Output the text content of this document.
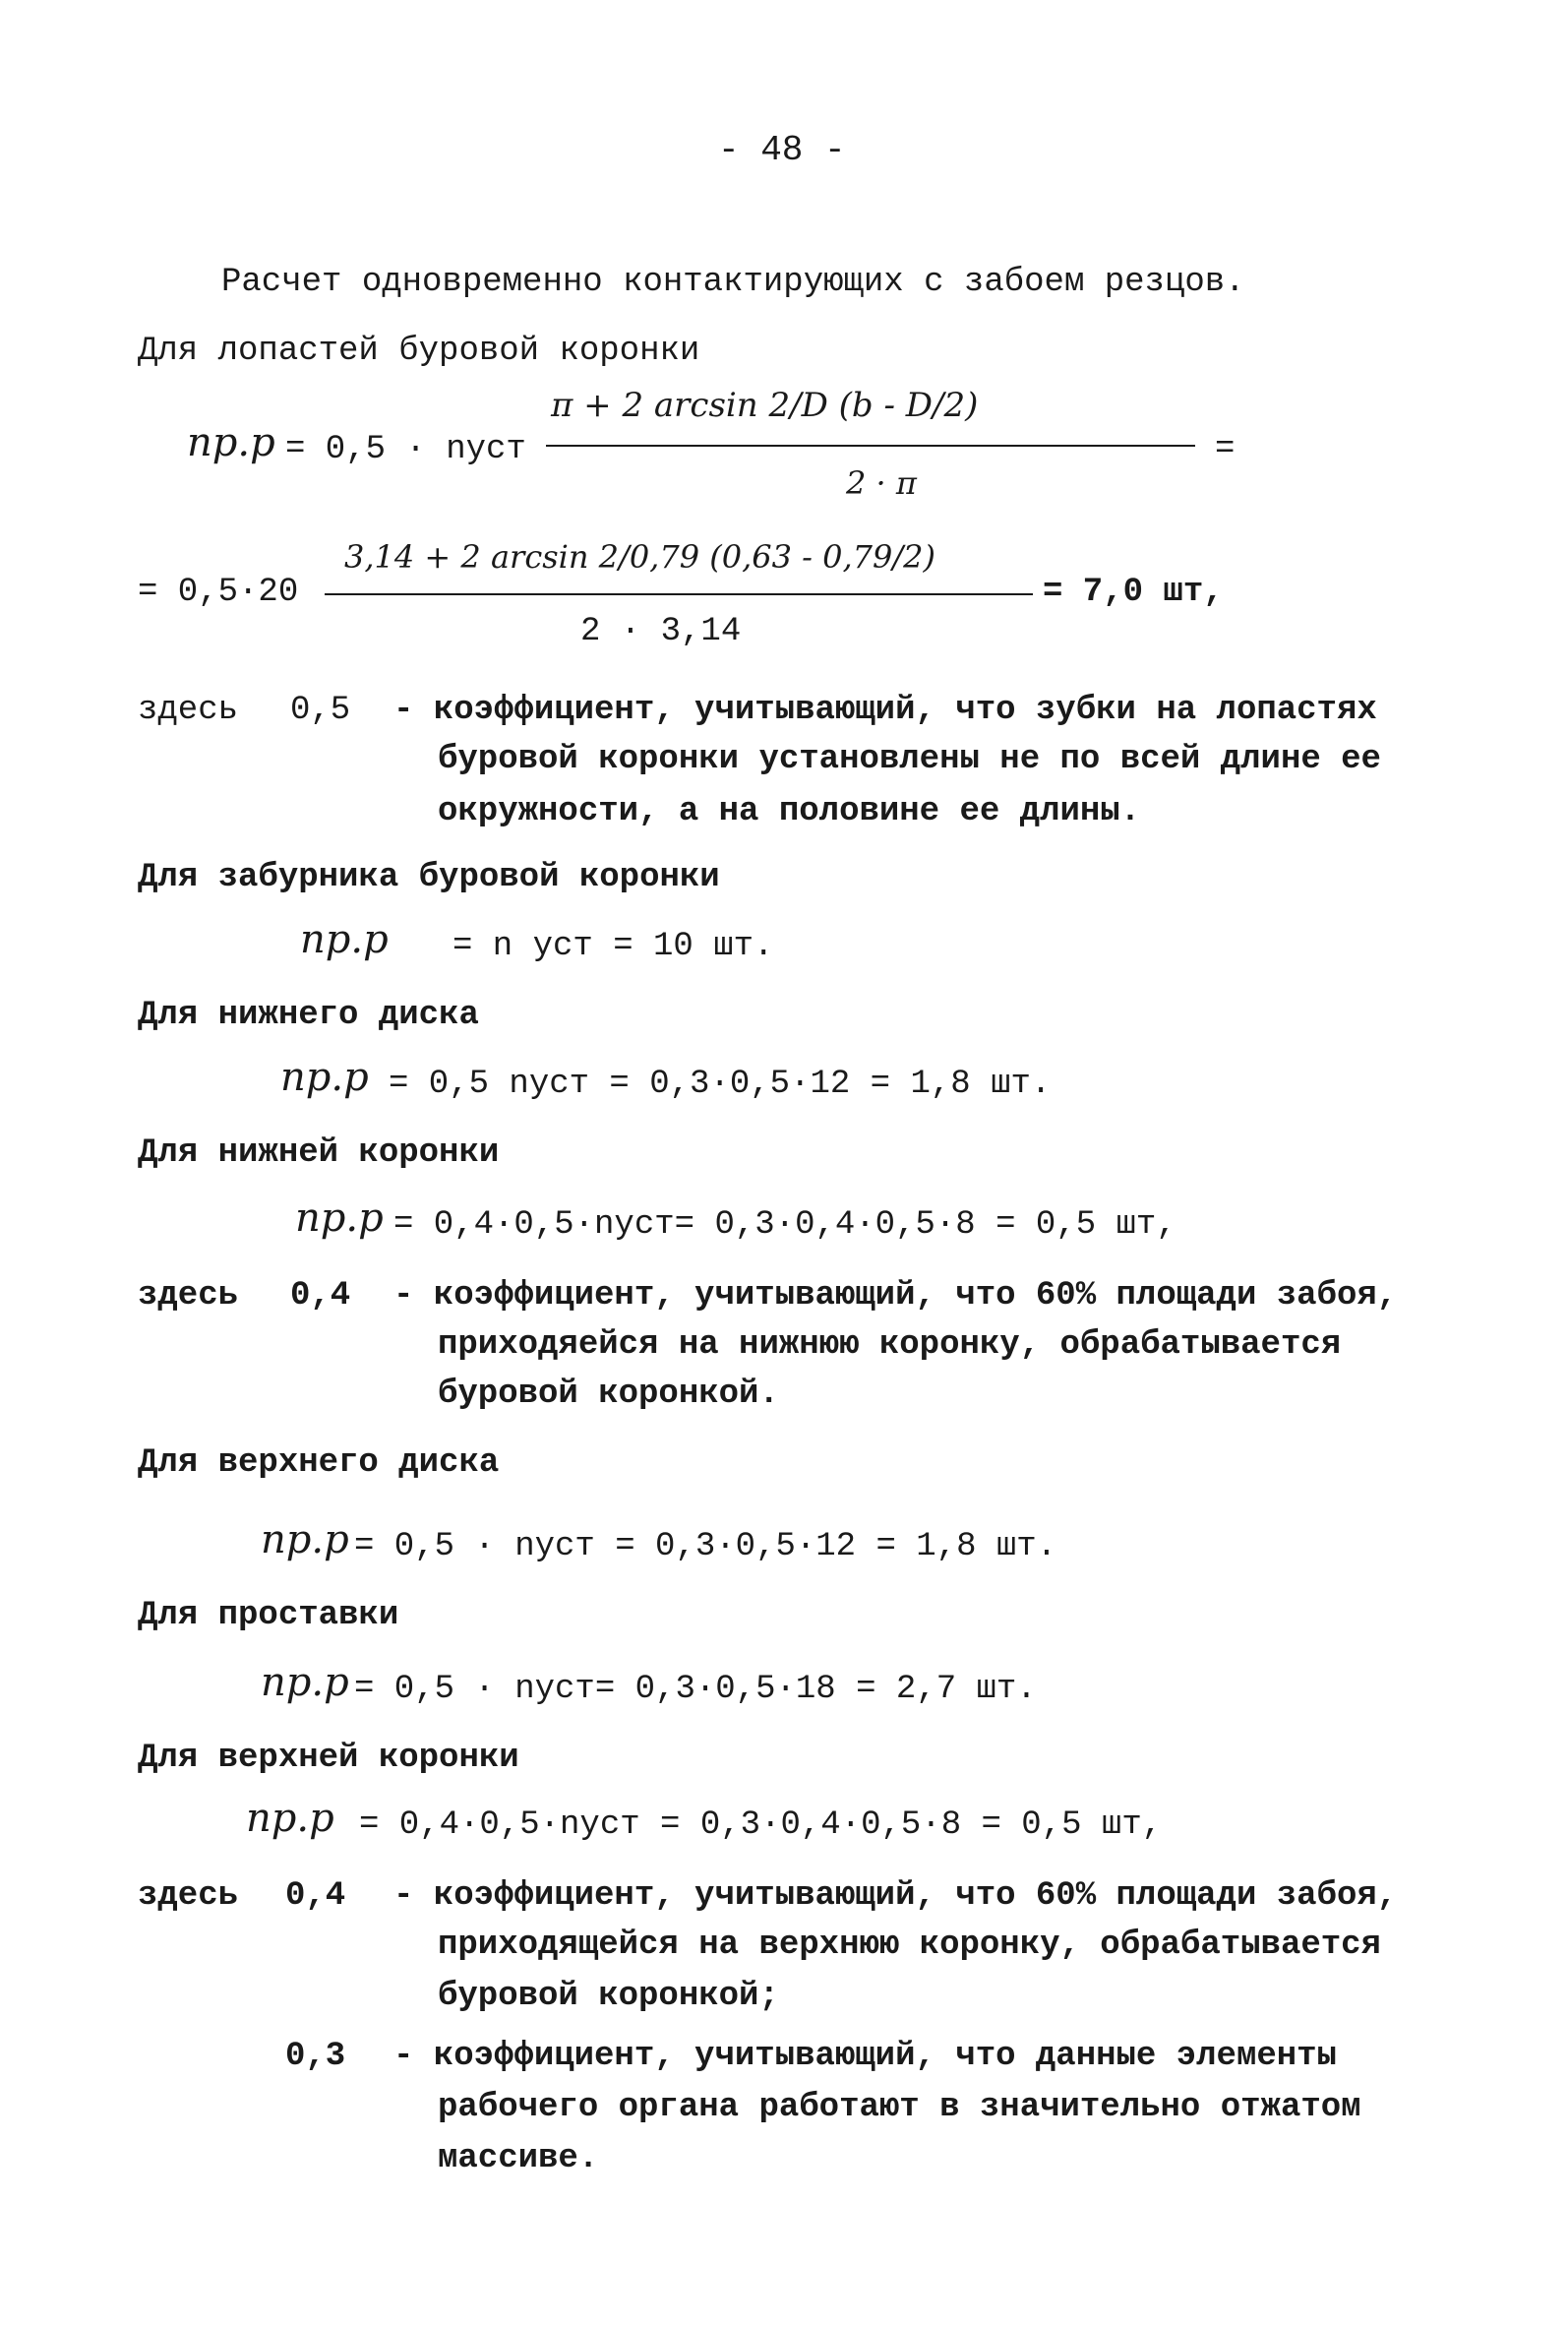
- 48 -
Расчет одновременно контактирующих с забоем резцов.
Для лопастей буровой коронки
np.p = 0,5 · nуст
π + 2 arcsin 2/D (b - D/2)
2 · π
=
= 0,5·20
3,14 + 2 arcsin 2/0,79 (0,63 - 0,79/2)
2 · 3,14
= 7,0 шт,
здесь 0,5 - коэффициент, учитывающий, что зубки на лопастях
буровой коронки установлены не по всей длине ее
окружности, а на половине ее длины.
Для забурника буровой коронки
np.p = n уст = 10 шт.
Для нижнего диска
np.p = 0,5 nуст = 0,3·0,5·12 = 1,8 шт.
Для нижней коронки
np.p = 0,4·0,5·nуст= 0,3·0,4·0,5·8 = 0,5 шт,
здесь 0,4 - коэффициент, учитывающий, что 60% площади забоя,
приходяейся на нижнюю коронку, обрабатывается
буровой коронкой.
Для верхнего диска
np.p = 0,5 · nуст = 0,3·0,5·12 = 1,8 шт.
Для проставки
np.p = 0,5 · nуст= 0,3·0,5·18 = 2,7 шт.
Для верхней коронки
np.p = 0,4·0,5·nуст = 0,3·0,4·0,5·8 = 0,5 шт,
здесь 0,4 - коэффициент, учитывающий, что 60% площади забоя,
приходящейся на верхнюю коронку, обрабатывается
буровой коронкой;
0,3 - коэффициент, учитывающий, что данные элементы
рабочего органа работают в значительно отжатом
массиве.
